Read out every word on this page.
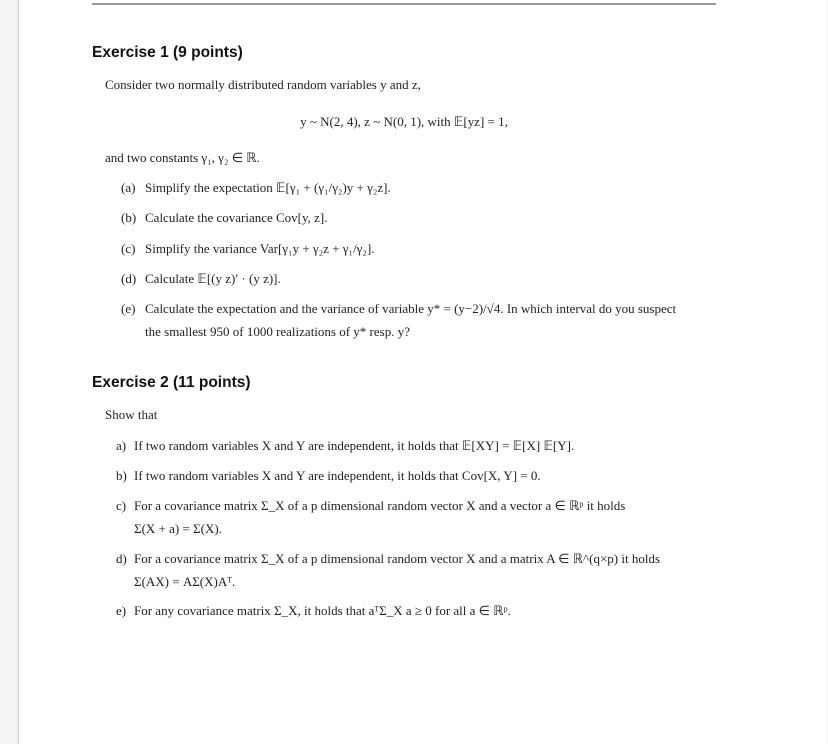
Exercise 1 (9 points)
Consider two normally distributed random variables y and z,
y ~ N(2, 4), z ~ N(0, 1), with 𝔼[yz] = 1,
and two constants γ₁, γ₂ ∈ ℝ.
(a) Simplify the expectation 𝔼[γ₁ + (γ₁/γ₂)y + γ₂z].
(b) Calculate the covariance Cov[y, z].
(c) Simplify the variance Var[γ₁y + γ₂z + γ₁/γ₂].
(d) Calculate 𝔼[(y z)′ · (y z)].
(e) Calculate the expectation and the variance of variable y* = (y−2)/√4. In which interval do you suspect
the smallest 950 of 1000 realizations of y* resp. y?
Exercise 2 (11 points)
Show that
a) If two random variables X and Y are independent, it holds that 𝔼[XY] = 𝔼[X] 𝔼[Y].
b) If two random variables X and Y are independent, it holds that Cov[X, Y] = 0.
c) For a covariance matrix Σ_X of a p dimensional random vector X and a vector a ∈ ℝᵖ it holds
Σ(X + a) = Σ(X).
d) For a covariance matrix Σ_X of a p dimensional random vector X and a matrix A ∈ ℝ^(q×p) it holds
Σ(AX) = AΣ(X)Aᵀ.
e) For any covariance matrix Σ_X, it holds that aᵀΣ_X a ≥ 0 for all a ∈ ℝᵖ.
